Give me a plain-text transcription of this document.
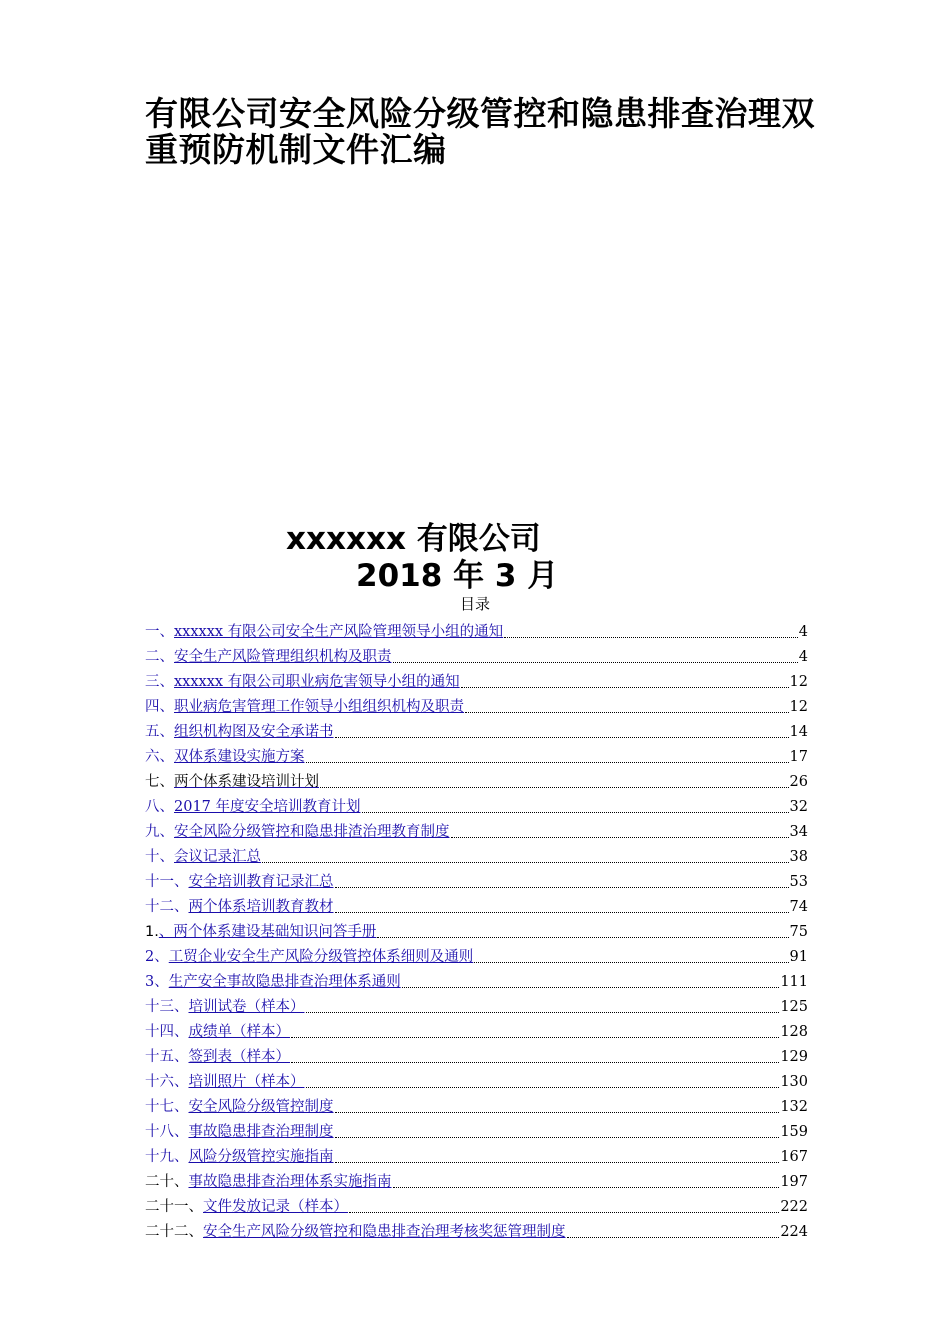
有限公司安全风险分级管控和隐患排查治理双重预防机制文件汇编
xxxxxx 有限公司
2018 年 3 月
目录
一、 xxxxxx 有限公司安全生产风险管理领导小组的通知	4
二、 安全生产风险管理组织机构及职责	4
三、 xxxxxx 有限公司职业病危害领导小组的通知	12
四、 职业病危害管理工作领导小组组织机构及职责	12
五、 组织机构图及安全承诺书	14
六、 双体系建设实施方案	17
七、 两个体系建设培训计划	26
八、 2017 年度安全培训教育计划	32
九、 安全风险分级管控和隐患排渣治理教育制度	34
十、 会议记录汇总	38
十一、 安全培训教育记录汇总	53
十二、 两个体系培训教育教材	74
1. 、两个体系建设基础知识问答手册	75
2、 工贸企业安全生产风险分级管控体系细则及通则	91
3、 生产安全事故隐患排查治理体系通则	111
十三、 培训试卷（样本）	125
十四、 成绩单（样本）	128
十五、 签到表（样本）	129
十六、 培训照片（样本）	130
十七、 安全风险分级管控制度	132
十八、 事故隐患排查治理制度	159
十九、 风险分级管控实施指南	167
二十、 事故隐患排查治理体系实施指南	197
二十一、 文件发放记录（样本）	222
二十二、 安全生产风险分级管控和隐患排查治理考核奖惩管理制度	224
